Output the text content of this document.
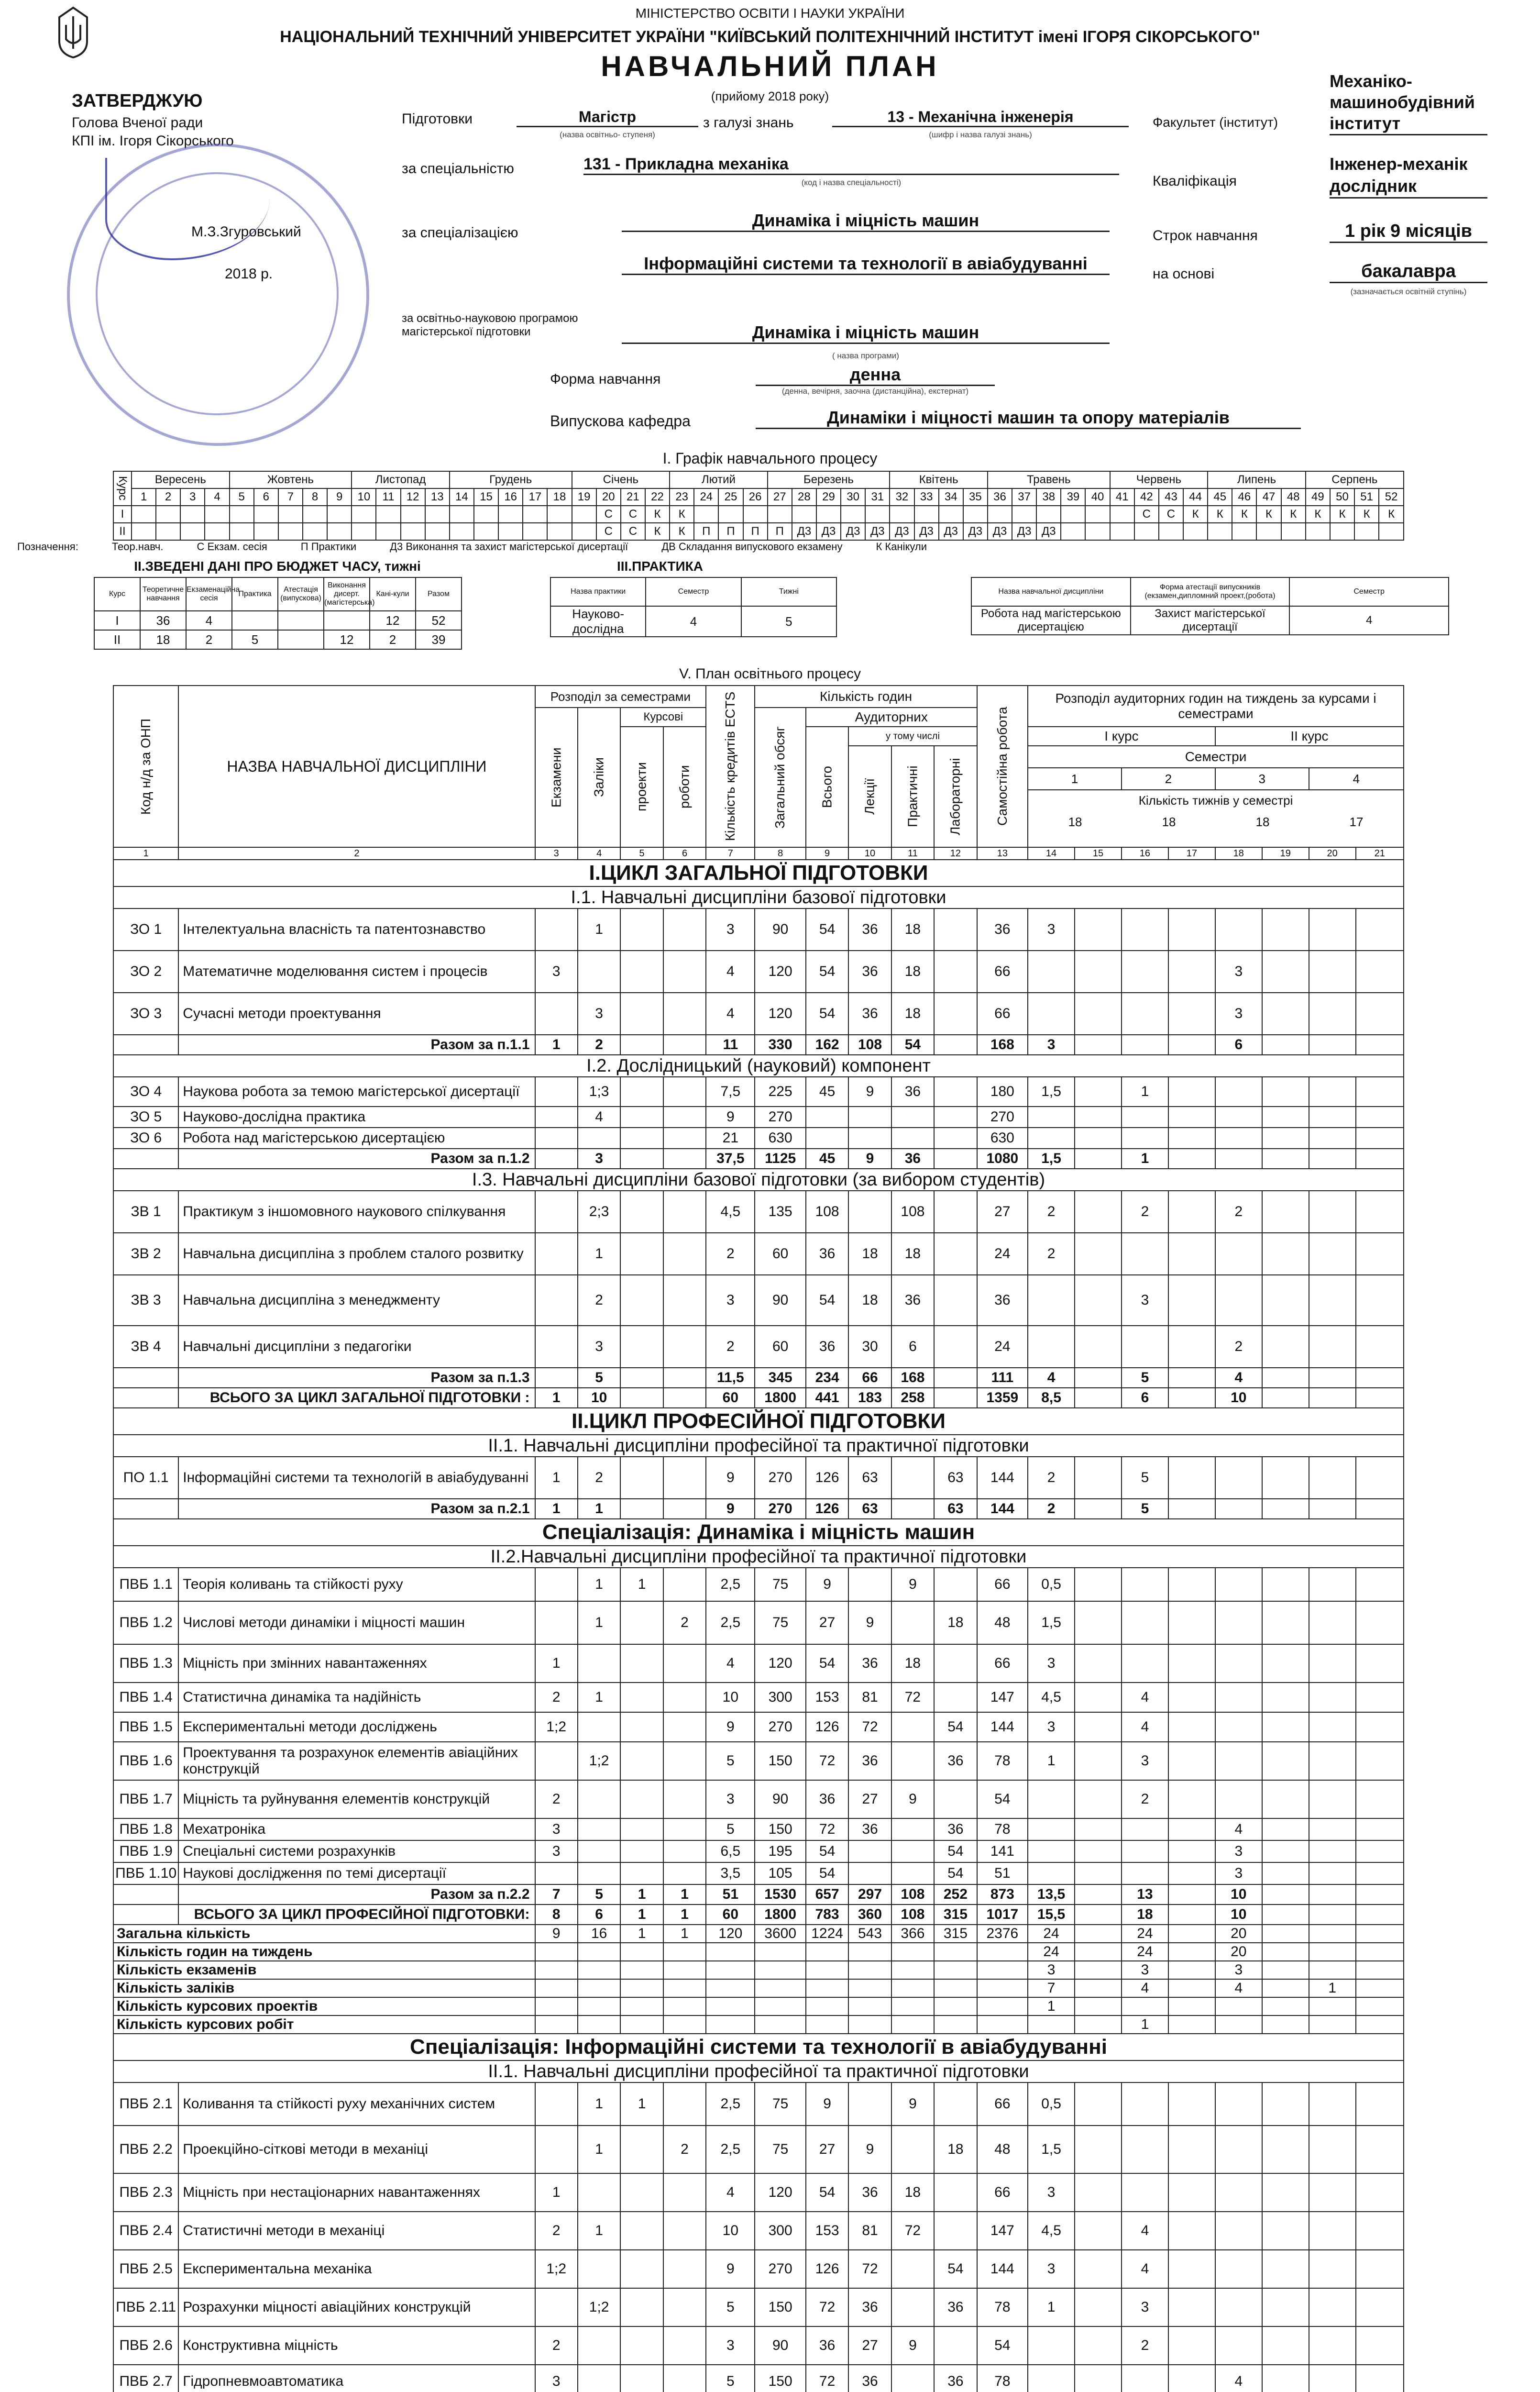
МІНІСТЕРСТВО ОСВІТИ І НАУКИ УКРАЇНИ
НАЦІОНАЛЬНИЙ ТЕХНІЧНИЙ УНІВЕРСИТЕТ УКРАЇНИ "КИЇВСЬКИЙ ПОЛІТЕХНІЧНИЙ ІНСТИТУТ імені ІГОРЯ СІКОРСЬКОГО"
НАВЧАЛЬНИЙ ПЛАН
(прийому 2018 року)
ЗАТВЕРДЖУЮ
Голова Вченої ради
КПІ ім. Ігоря Сікорського
М.З.Згуровський
2018 р.
Підготовки	Магістр
(назва освітньо- ступеня)
з галузі знань	13 - Механічна інженерія
(шифр і назва галузі знань)
Факультет (інститут)
Механіко-машинобудівний інститут
за спеціальністю	131 - Прикладна механіка
(код і назва спеціальності)	Кваліфікація
Інженер-механік дослідник
за спеціалізацією
Динаміка і міцність машин
Інформаційні системи та технології в авіабудуванні
Строк навчання	1 рік 9 місяців
на основі	бакалавра
(зазначається освітній ступінь)
за освітньо-науковою програмою магістерської підготовки	Динаміка і міцність машин
( назва програми)
Форма навчання	денна
(денна, вечірня, заочна (дистанційна), екстернат)
Випускова кафедра	Динаміки і міцності машин та опору матеріалів
I. Графік навчального процесу
Курс	Вересень				Жовтень					Листопад				Грудень					Січень				Лютий				Березень					Квітень				Травень					Червень				Липень				Серпень			
	1	2	3	4	5	6	7	8	9	10	11	12	13	14	15	16	17	18	19	20	21	22	23	24	25	26	27	28	29	30	31	32	33	34	35	36	37	38	39	40	41	42	43	44	45	46	47	48	49	50	51	52
I																				С	С	К	К																			С	С	К	К	К	К	К	К	К	К	К
II																				С	С	К	К	П	П	П	П	Д3	Д3	Д3	Д3	Д3	Д3	Д3	Д3	Д3	Д3	Д3														
Позначення:	Теор.навч.	С Екзам. сесія	П Практики	Д3 Виконання та захист магістерської дисертації	ДВ Складання випускового екзамену	К Канікули
II.ЗВЕДЕНІ ДАНІ ПРО БЮДЖЕТ ЧАСУ, тижні
Курс	Теоретичне навчання	Екзаменаційна сесія	Практика	Атестація (випускова)	Виконання дисерт. (магістерська)	Кані-кули	Разом
I	36	4				12	52
II	18	2	5		12	2	39
III.ПРАКТИКА
Назва практики	Семестр	Тижні
Науково-дослідна	4	5
Назва навчальної дисципліни	Форма атестації випускників (екзамен,дипломний проект,(робота)	Семестр
Робота над магістерською дисертацією	Захист магістерської дисертації	4
V. План освітнього процесу
Код н/д за ОНП	НАЗВА НАВЧАЛЬНОЇ ДИСЦИПЛІНИ	Розподіл за семестрами				Кількість кредитів ECTS	Кількість годин					Самостійна робота	Розподіл аудиторних годин на тиждень за курсами і семестрами							
		Екзамени	Заліки	Курсові			Загальний обсяг	Аудиторних												
				проекти	роботи			Всього	у тому числі				I курс				II курс			
									Лекції	Практичні	Лабораторні		Семестри							
													1		2		3		4	

													Кількість тижнів у семестрі
18 18 18 17							

1	2	3	4	5	6	7	8	9	10	11	12	13	14	15	16	17	18	19	20	21
I.ЦИКЛ ЗАГАЛЬНОЇ ПІДГОТОВКИ																				
I.1. Навчальні дисципліни базової підготовки																				
ЗО 1	Інтелектуальна власність та патентознавство		1			3	90	54	36	18		36	3							
ЗО 2	Математичне моделювання систем і процесів	3				4	120	54	36	18		66					3			
ЗО 3	Сучасні методи проектування		3			4	120	54	36	18		66					3			
	Разом за п.1.1	1	2			11	330	162	108	54		168	3				6			
I.2. Дослідницький (науковий) компонент																				
ЗО 4	Наукова робота за темою магістерської дисертації		1;3			7,5	225	45	9	36		180	1,5		1					
ЗО 5	Науково-дослідна практика		4			9	270					270								
ЗО 6	Робота над магістерською дисертацією					21	630					630								
	Разом за п.1.2		3			37,5	1125	45	9	36		1080	1,5		1					
I.3. Навчальні дисципліни базової підготовки (за вибором студентів)																				
ЗВ 1	Практикум з іншомовного наукового спілкування		2;3			4,5	135	108		108		27	2		2		2			
ЗВ 2	Навчальна дисципліна з проблем сталого розвитку		1			2	60	36	18	18		24	2							
ЗВ 3	Навчальна дисципліна з менеджменту		2			3	90	54	18	36		36			3					
ЗВ 4	Навчальні дисципліни з педагогіки		3			2	60	36	30	6		24					2			
	Разом за п.1.3		5			11,5	345	234	66	168		111	4		5		4			
	ВСЬОГО ЗА ЦИКЛ ЗАГАЛЬНОЇ ПІДГОТОВКИ :	1	10			60	1800	441	183	258		1359	8,5		6		10			
II.ЦИКЛ ПРОФЕСІЙНОЇ ПІДГОТОВКИ																				
II.1. Навчальні дисципліни професійної та практичної підготовки																				
ПО 1.1	Інформаційні системи та технологій в авіабудуванні	1	2			9	270	126	63		63	144	2		5					
	Разом за п.2.1	1	1			9	270	126	63		63	144	2		5					
Спеціалізація: Динаміка і міцність машин																				
II.2.Навчальні дисципліни професійної та практичної підготовки																				
ПВБ 1.1	Теорія коливань та стійкості руху		1	1		2,5	75	9		9		66	0,5							
ПВБ 1.2	Числові методи динаміки і міцності машин		1		2	2,5	75	27	9		18	48	1,5							
ПВБ 1.3	Міцність при змінних навантаженнях	1				4	120	54	36	18		66	3							
ПВБ 1.4	Статистична динаміка та надійність	2	1			10	300	153	81	72		147	4,5		4					
ПВБ 1.5	Експериментальні методи досліджень	1;2				9	270	126	72		54	144	3		4					
ПВБ 1.6	Проектування та розрахунок елементів авіаційних конструкцій		1;2			5	150	72	36		36	78	1		3					
ПВБ 1.7	Міцність та руйнування елементів конструкцій	2				3	90	36	27	9		54			2					
ПВБ 1.8	Мехатроніка	3				5	150	72	36		36	78					4			
ПВБ 1.9	Спеціальні системи розрахунків	3				6,5	195	54			54	141					3			
ПВБ 1.10	Наукові дослідження по темі дисертації					3,5	105	54			54	51					3			
	Разом за п.2.2	7	5	1	1	51	1530	657	297	108	252	873	13,5		13		10			
	ВСЬОГО ЗА ЦИКЛ ПРОФЕСІЙНОЇ ПІДГОТОВКИ:	8	6	1	1	60	1800	783	360	108	315	1017	15,5		18		10			
Загальна кількість		9	16	1	1	120	3600	1224	543	366	315	2376	24		24		20			
Кількість годин на тиждень													24		24		20			
Кількість екзаменів													3		3		3			
Кількість заліків													7		4		4		1	
Кількість курсових проектів													1							
Кількість курсових робіт															1					
Спеціалізація: Інформаційні системи та технології в авіабудуванні																				
II.1. Навчальні дисципліни професійної та практичної підготовки																				
ПВБ 2.1	Коливання та стійкості руху механічних систем		1	1		2,5	75	9		9		66	0,5							
ПВБ 2.2	Проекційно-сіткові методи в механіці		1		2	2,5	75	27	9		18	48	1,5							
ПВБ 2.3	Міцність при нестаціонарних навантаженнях	1				4	120	54	36	18		66	3							
ПВБ 2.4	Статистичні методи в механіці	2	1			10	300	153	81	72		147	4,5		4					
ПВБ 2.5	Експериментальна механіка	1;2				9	270	126	72		54	144	3		4					
ПВБ 2.11	Розрахунки міцності авіаційних конструкцій		1;2			5	150	72	36		36	78	1		3					
ПВБ 2.6	Конструктивна міцність	2				3	90	36	27	9		54			2					
ПВБ 2.7	Гідропневмоавтоматика	3				5	150	72	36		36	78					4			
